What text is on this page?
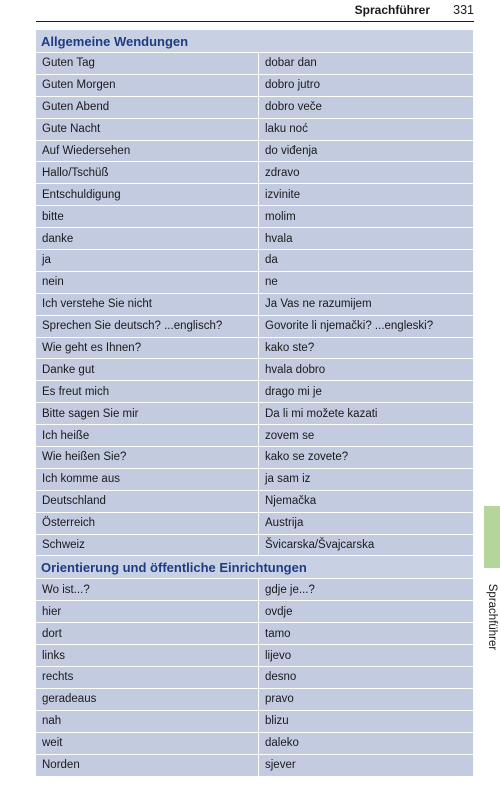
Sprachführer 331
Allgemeine Wendungen
Guten Tag	dobar dan
Guten Morgen	dobro jutro
Guten Abend	dobro veče
Gute Nacht	laku noć
Auf Wiedersehen	do viđenja
Hallo/Tschüß	zdravo
Entschuldigung	izvinite
bitte	molim
danke	hvala
ja	da
nein	ne
Ich verstehe Sie nicht	Ja Vas ne razumijem
Sprechen Sie deutsch? ...englisch?	Govorite li njemački? ...engleski?
Wie geht es Ihnen?	kako ste?
Danke gut	hvala dobro
Es freut mich	drago mi je
Bitte sagen Sie mir	Da li mi možete kazati
Ich heiße	zovem se
Wie heißen Sie?	kako se zovete?
Ich komme aus	ja sam iz
Deutschland	Njemačka
Österreich	Austrija
Schweiz	Švicarska/Švajcarska
Orientierung und öffentliche Einrichtungen
Wo ist...?	gdje je...?
hier	ovdje
dort	tamo
links	lijevo
rechts	desno
geradeaus	pravo
nah	blizu
weit	daleko
Norden	sjever
Sprachführer
